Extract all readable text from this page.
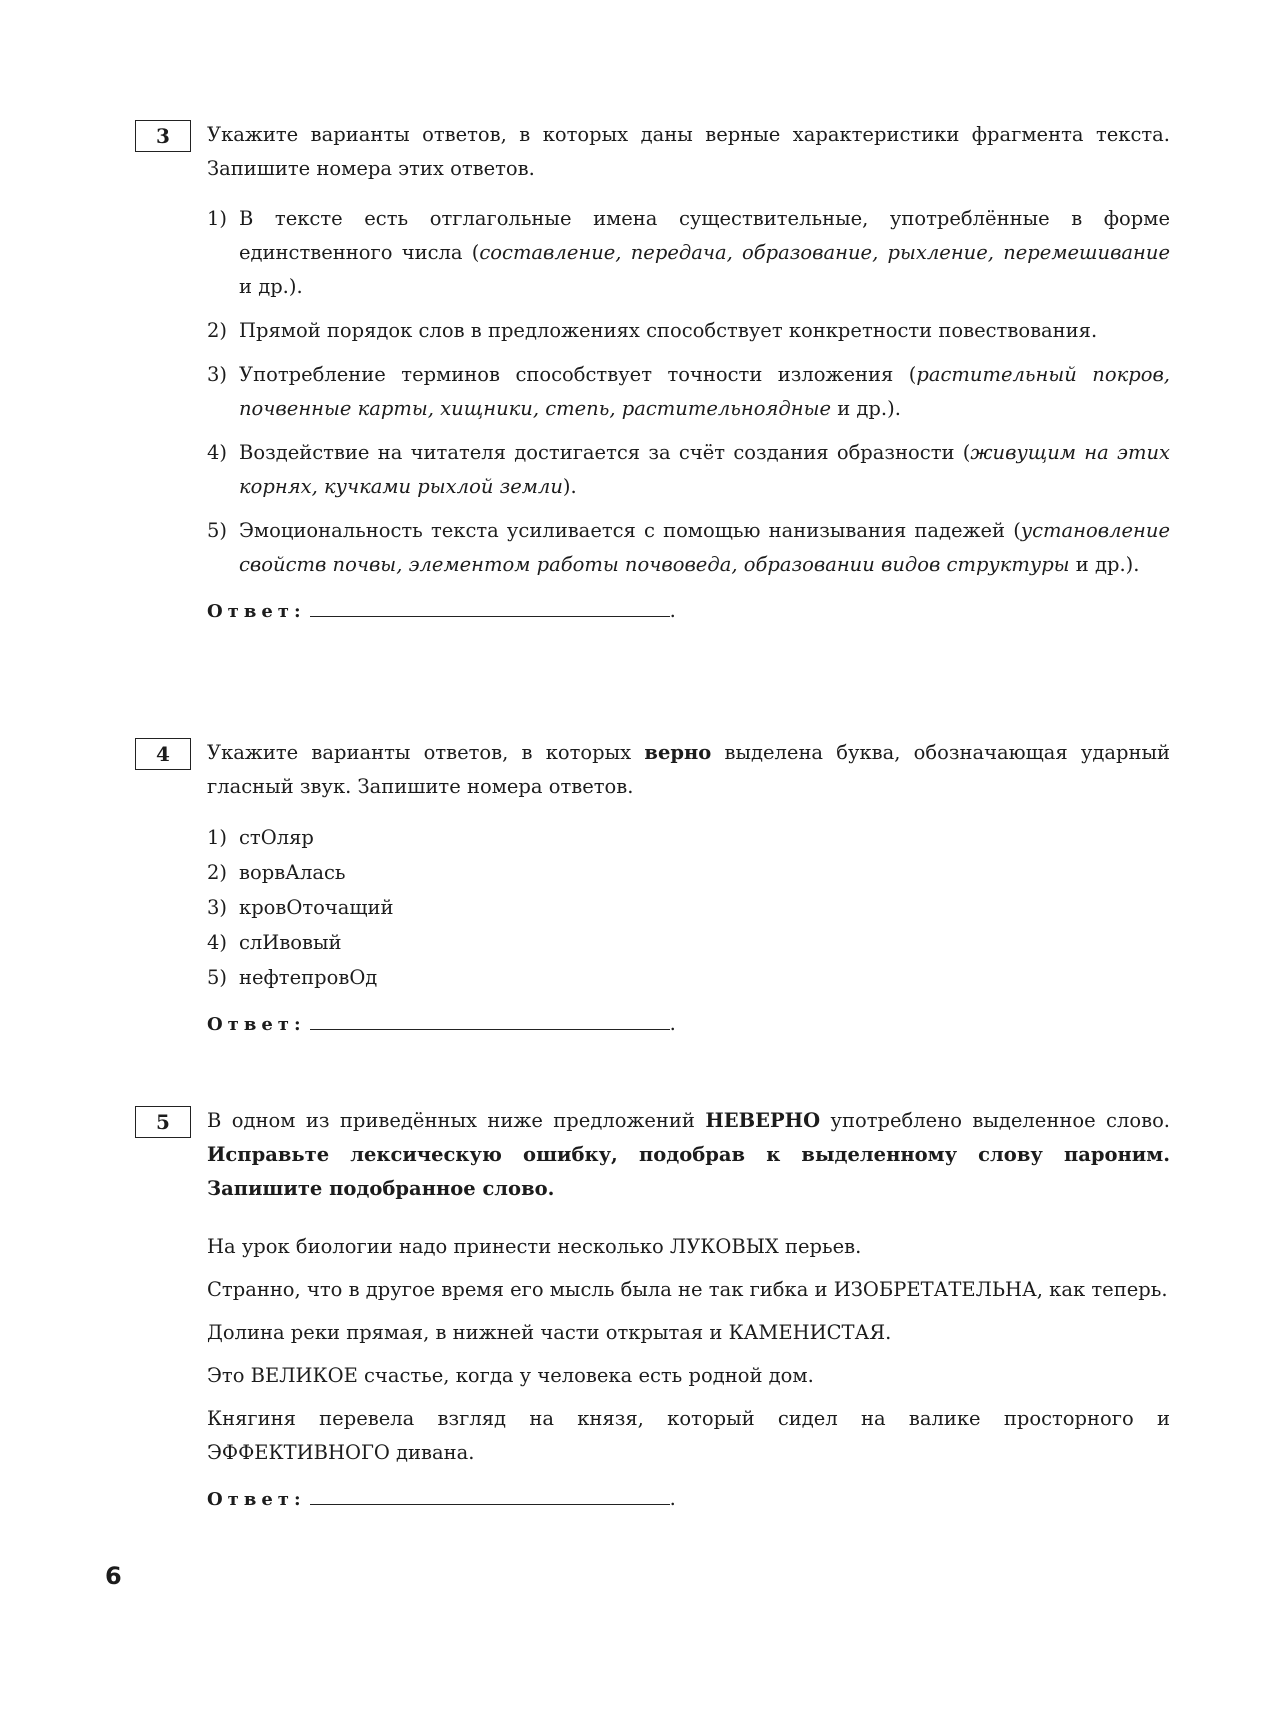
3	Укажите варианты ответов, в которых даны верные характеристики фрагмента текста. Запишите номера этих ответов.

1) В тексте есть отглагольные имена существительные, употреблённые в форме единственного числа (составление, передача, образование, рыхление, перемешивание и др.).
2) Прямой порядок слов в предложениях способствует конкретности повествования.
3) Употребление терминов способствует точности изложения (растительный покров, почвенные карты, хищники, степь, растительноядные и др.).
4) Воздействие на читателя достигается за счёт создания образности (живущим на этих корнях, кучками рыхлой земли).
5) Эмоциональность текста усиливается с помощью нанизывания падежей (установление свойств почвы, элементом работы почвоведа, образовании видов структуры и др.).
Ответ:	.
4	Укажите варианты ответов, в которых верно выделена буква, обозначающая ударный гласный звук. Запишите номера ответов.

1) стОляр
2) ворвАлась
3) кровОточащий
4) слИвовый
5) нефтепровОд
Ответ:	.
5	В одном из приведённых ниже предложений НЕВЕРНО употреблено выделенное слово. Исправьте лексическую ошибку, подобрав к выделенному слову пароним. Запишите подобранное слово.

На урок биологии надо принести несколько ЛУКОВЫХ перьев.
Странно, что в другое время его мысль была не так гибка и ИЗОБРЕТАТЕЛЬНА, как теперь.
Долина реки прямая, в нижней части открытая и КАМЕНИСТАЯ.
Это ВЕЛИКОЕ счастье, когда у человека есть родной дом.
Княгиня перевела взгляд на князя, который сидел на валике просторного и ЭФФЕКТИВНОГО дивана.
Ответ:	.
6
